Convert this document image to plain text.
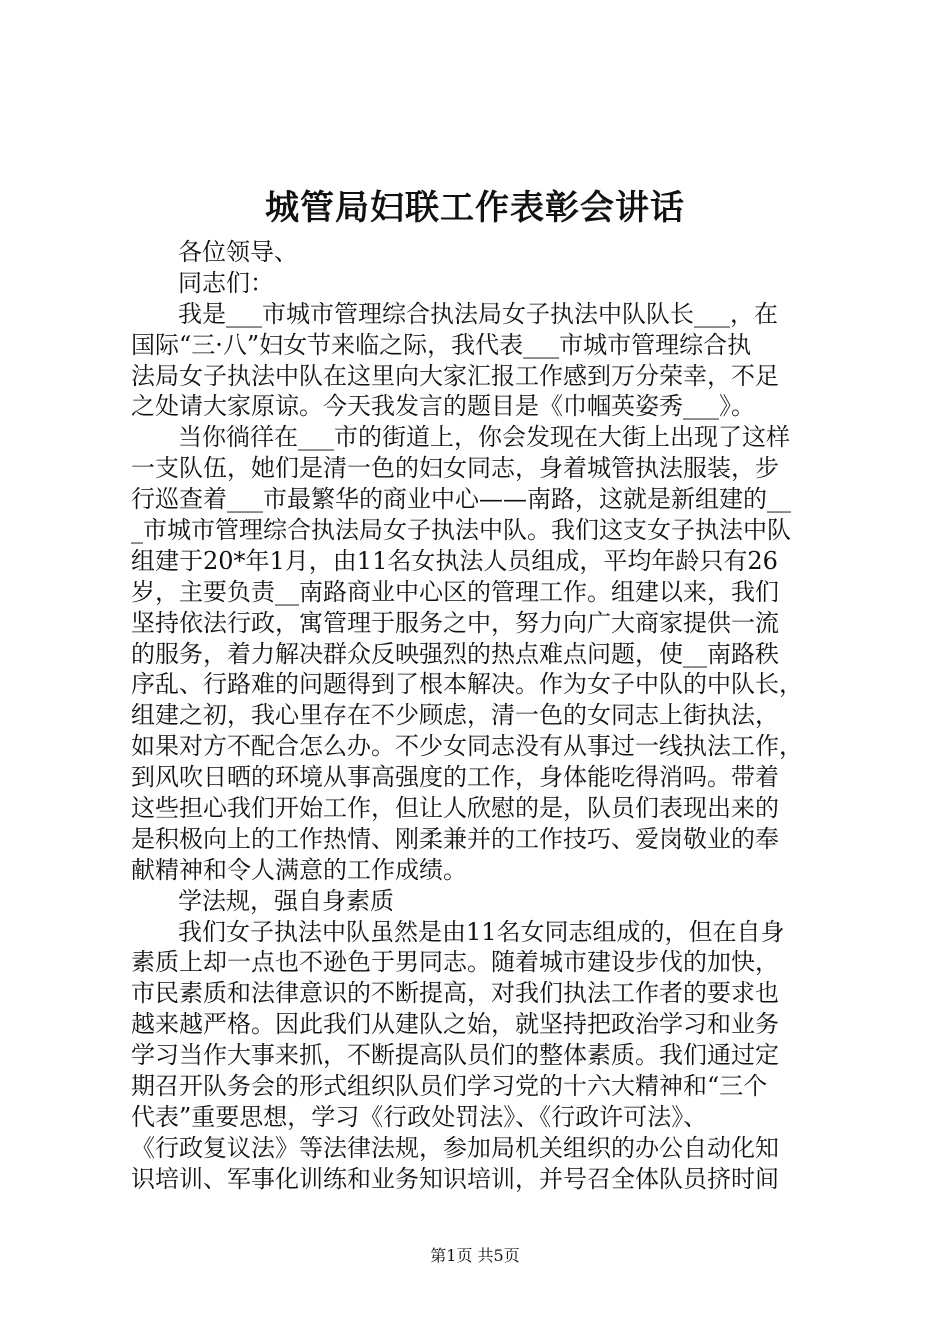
城管局妇联工作表彰会讲话
各位领导、
同志们：
我是___市城市管理综合执法局女子执法中队队长___，在
国际“三·八”妇女节来临之际，我代表___市城市管理综合执
法局女子执法中队在这里向大家汇报工作感到万分荣幸，不足
之处请大家原谅。今天我发言的题目是《巾帼英姿秀___》。
当你徜徉在___市的街道上，你会发现在大街上出现了这样
一支队伍，她们是清一色的妇女同志，身着城管执法服装，步
行巡查着___市最繁华的商业中心——南路，这就是新组建的__
_市城市管理综合执法局女子执法中队。我们这支女子执法中队
组建于20*年1月，由11名女执法人员组成，平均年龄只有26
岁，主要负责__南路商业中心区的管理工作。组建以来，我们
坚持依法行政，寓管理于服务之中，努力向广大商家提供一流
的服务，着力解决群众反映强烈的热点难点问题，使__南路秩
序乱、行路难的问题得到了根本解决。作为女子中队的中队长，
组建之初，我心里存在不少顾虑，清一色的女同志上街执法，
如果对方不配合怎么办。不少女同志没有从事过一线执法工作，
到风吹日晒的环境从事高强度的工作，身体能吃得消吗。带着
这些担心我们开始工作，但让人欣慰的是，队员们表现出来的
是积极向上的工作热情、刚柔兼并的工作技巧、爱岗敬业的奉
献精神和令人满意的工作成绩。
学法规，强自身素质
我们女子执法中队虽然是由11名女同志组成的，但在自身
素质上却一点也不逊色于男同志。随着城市建设步伐的加快，
市民素质和法律意识的不断提高，对我们执法工作者的要求也
越来越严格。因此我们从建队之始，就坚持把政治学习和业务
学习当作大事来抓，不断提高队员们的整体素质。我们通过定
期召开队务会的形式组织队员们学习党的十六大精神和“三个
代表”重要思想，学习《行政处罚法》、《行政许可法》、
《行政复议法》等法律法规，参加局机关组织的办公自动化知
识培训、军事化训练和业务知识培训，并号召全体队员挤时间
第1页 共5页
